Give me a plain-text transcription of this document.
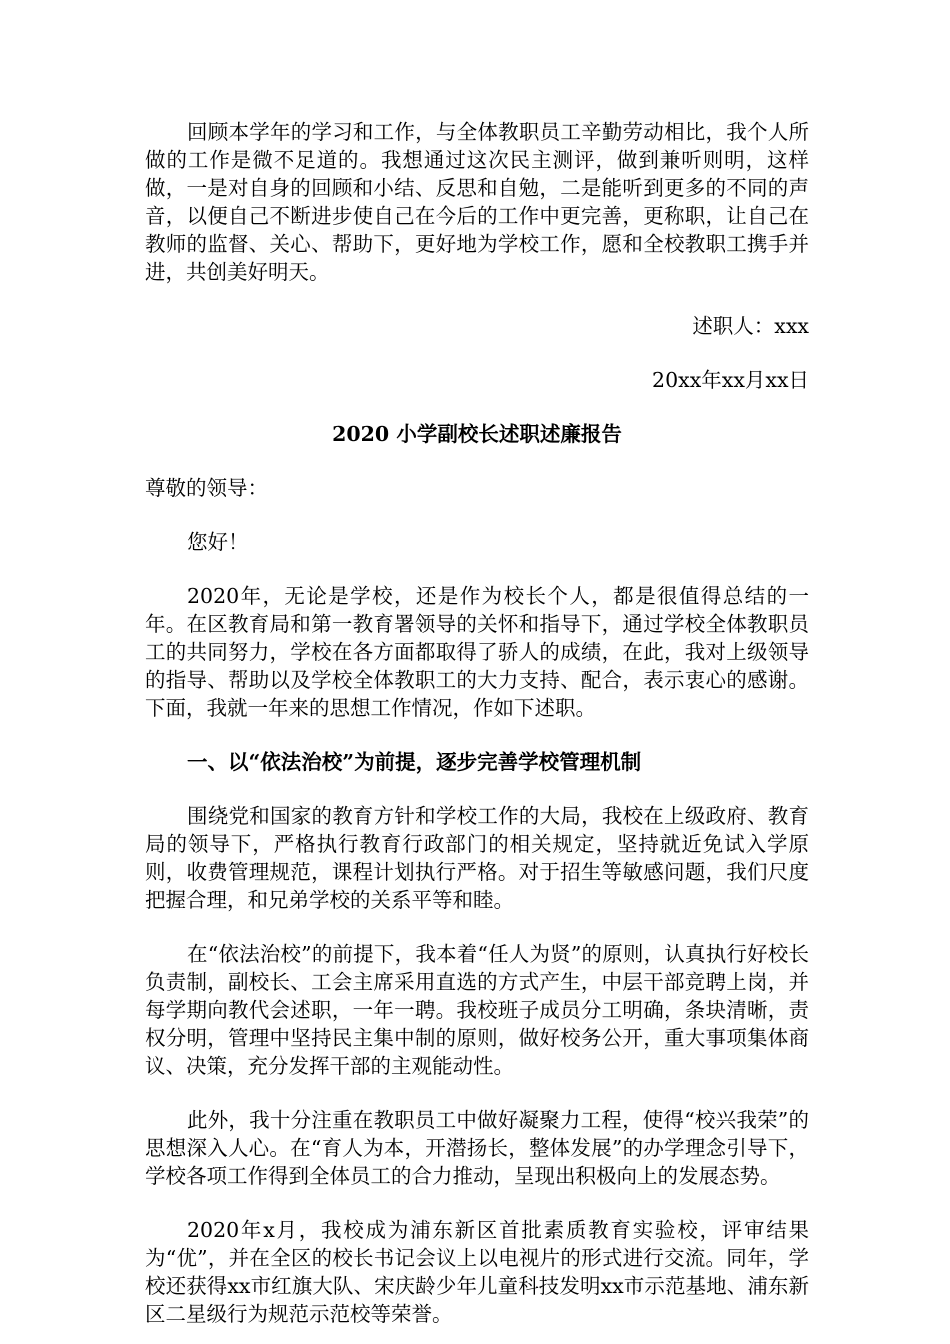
回顾本学年的学习和工作，与全体教职员工辛勤劳动相比，我个人所做的工作是微不足道的。我想通过这次民主测评，做到兼听则明，这样做，一是对自身的回顾和小结、反思和自勉，二是能听到更多的不同的声音，以便自己不断进步使自己在今后的工作中更完善，更称职，让自己在教师的监督、关心、帮助下，更好地为学校工作，愿和全校教职工携手并进，共创美好明天。

述职人：xxx

20xx年xx月xx日

2020 小学副校长述职述廉报告

尊敬的领导：

您好！

2020年，无论是学校，还是作为校长个人，都是很值得总结的一年。在区教育局和第一教育署领导的关怀和指导下，通过学校全体教职员工的共同努力，学校在各方面都取得了骄人的成绩，在此，我对上级领导的指导、帮助以及学校全体教职工的大力支持、配合，表示衷心的感谢。下面，我就一年来的思想工作情况，作如下述职。

一、以“依法治校”为前提，逐步完善学校管理机制

围绕党和国家的教育方针和学校工作的大局，我校在上级政府、教育局的领导下，严格执行教育行政部门的相关规定，坚持就近免试入学原则，收费管理规范，课程计划执行严格。对于招生等敏感问题，我们尺度把握合理，和兄弟学校的关系平等和睦。

在“依法治校”的前提下，我本着“任人为贤”的原则，认真执行好校长负责制，副校长、工会主席采用直选的方式产生，中层干部竞聘上岗，并每学期向教代会述职，一年一聘。我校班子成员分工明确，条块清晰，责权分明，管理中坚持民主集中制的原则，做好校务公开，重大事项集体商议、决策，充分发挥干部的主观能动性。

此外，我十分注重在教职员工中做好凝聚力工程，使得“校兴我荣”的思想深入人心。在“育人为本，开潜扬长，整体发展”的办学理念引导下，学校各项工作得到全体员工的合力推动，呈现出积极向上的发展态势。

2020年x月，我校成为浦东新区首批素质教育实验校，评审结果为“优”，并在全区的校长书记会议上以电视片的形式进行交流。同年，学校还获得xx市红旗大队、宋庆龄少年儿童科技发明xx市示范基地、浦东新区二星级行为规范示范校等荣誉。
